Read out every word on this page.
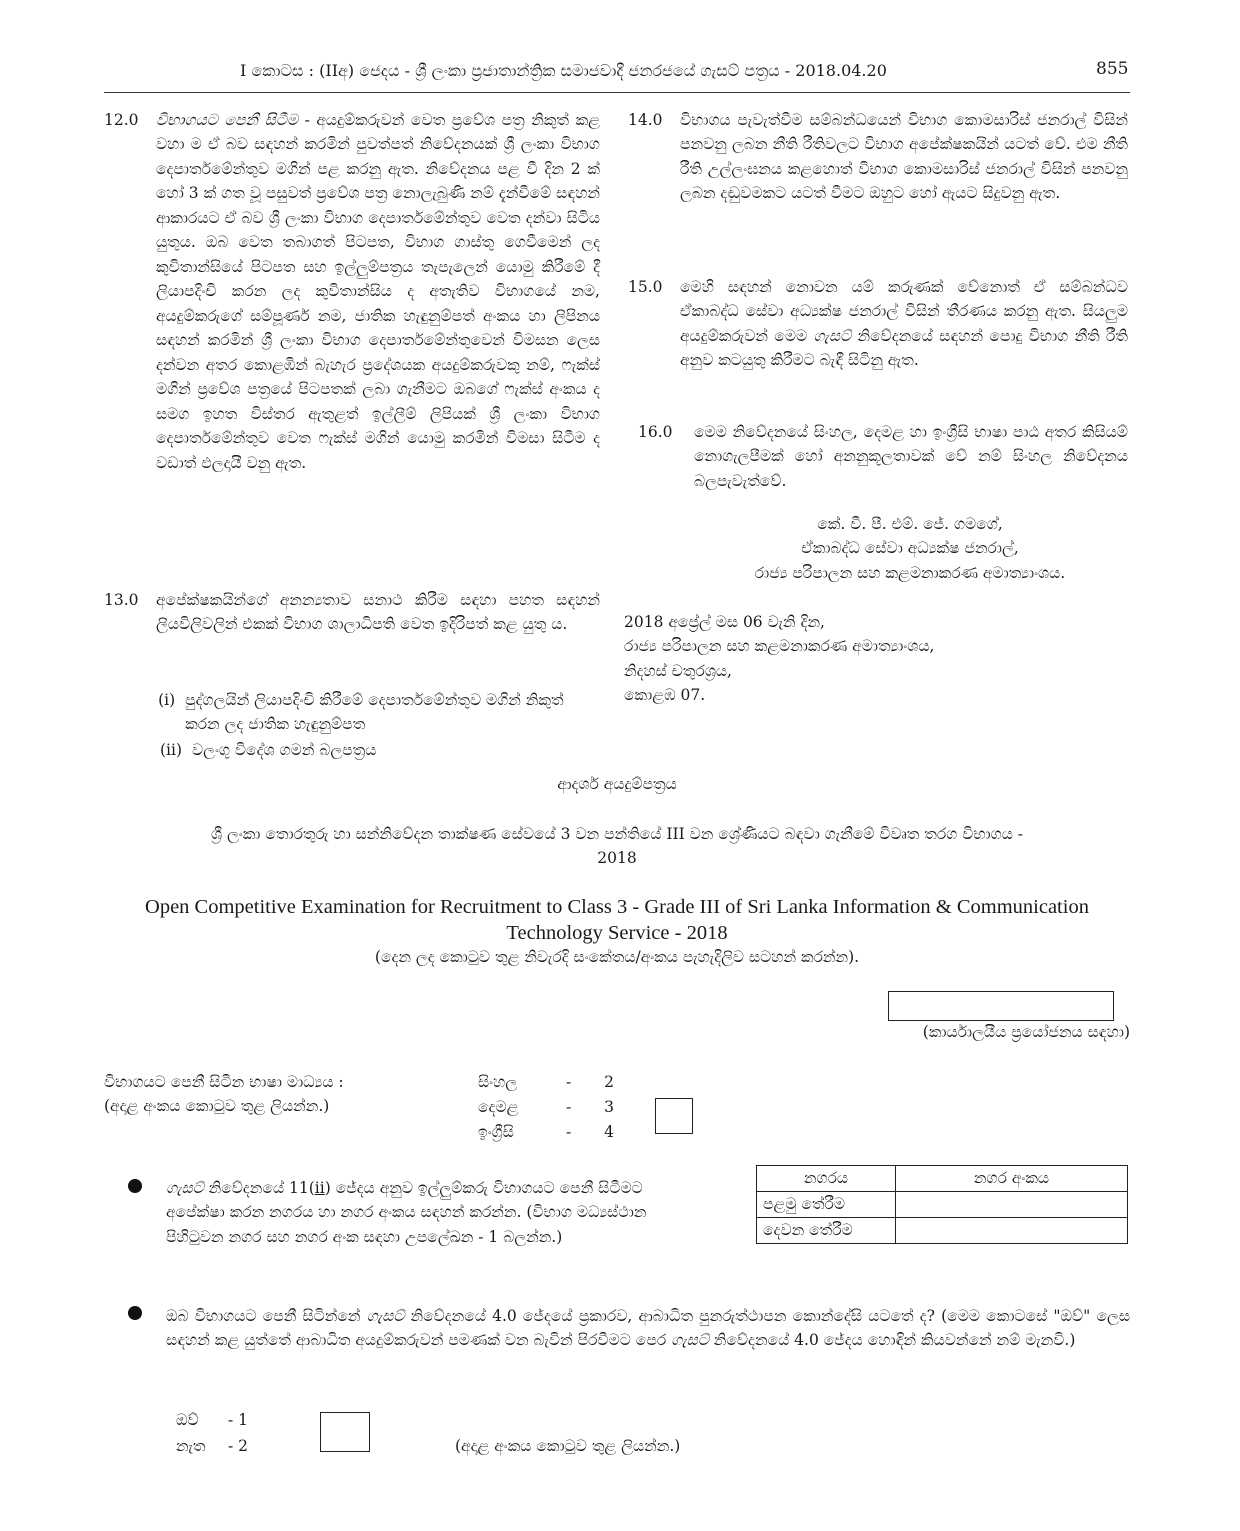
I කොටස : (IIඅ) ජෙදය - ශ්‍රී ලංකා ප්‍රජාතාන්ත්‍රික සමාජවාදී ජනරජයේ ගැසට් පත්‍රය - 2018.04.20	855
12.0	විභාගයට පෙනී සිටීම - අයදුම්කරුවන් වෙත ප්‍රවේශ පත්‍ර නිකුත් කළ වහා ම ඒ බව සඳහන් කරමින් පුවත්පත් නිවේදනයක් ශ්‍රී ලංකා විභාග දෙපාර්තමේන්තුව මගින් පළ කරනු ඇත. නිවේදනය පළ වී දින 2 ක් හෝ 3 ක් ගත වූ පසුවත් ප්‍රවේශ පත්‍ර නොලැබුණි නම් දැන්වීමේ සඳහන් ආකාරයට ඒ බව ශ්‍රී ලංකා විභාග දෙපාර්තමේන්තුව වෙත දන්වා සිටිය යුතුය. ඔබ වෙත තබාගත් පිටපත, විභාග ගාස්තු ගෙවීමෙන් ලද කුවිතාන්සියේ පිටපත සහ ඉල්ලුම්පත්‍රය තැපැලෙන් යොමු කිරීමේ දී ලියාපදිංචි කරන ලද කුවිතාන්සිය ද අතැතිව විභාගයේ නම, අයදුම්කරුගේ සම්පූර්ණ නම, ජාතික හැඳුනුම්පත් අංකය හා ලිපිනය සඳහන් කරමින් ශ්‍රී ලංකා විභාග දෙපාර්තමේන්තුවෙන් විමසන ලෙස දන්වන අතර කොළඹින් බැහැර ප්‍රදේශයක අයදුම්කරුවකු නම්, ෆැක්ස් මගින් ප්‍රවේශ පත්‍රයේ පිටපතක් ලබා ගැනීමට ඔබගේ ෆැක්ස් අංකය ද සමග ඉහත විස්තර ඇතුළත් ඉල්ලීම් ලිපියක් ශ්‍රී ලංකා විභාග දෙපාර්තමේන්තුව වෙත ෆැක්ස් මගින් යොමු කරමින් විමසා සිටීම ද වඩාත් ඵලදායී වනු ඇත.
13.0	අපේක්ෂකයින්ගේ අනන්‍යතාව සනාථ කිරීම සඳහා පහත සඳහන් ලියවිලිවලින් එකක් විභාග ශාලාධිපති වෙත ඉදිරිපත් කළ යුතු ය.
(i) පුද්ගලයින් ලියාපදිංචි කිරීමේ දෙපාර්තමේන්තුව මගින් නිකුත් කරන ලද ජාතික හැඳුනුම්පත
(ii) වලංගු විදේශ ගමන් බලපත්‍රය
14.0	විභාගය පැවැත්වීම සම්බන්ධයෙන් විභාග කොමසාරිස් ජනරාල් විසින් පනවනු ලබන නීති රීතිවලට විභාග අපේක්ෂකයින් යටත් වේ. එම නීති රීති උල්ලංඝනය කළහොත් විභාග කොමසාරිස් ජනරාල් විසින් පනවනු ලබන දඬුවමකට යටත් වීමට ඔහුට හෝ ඇයට සිදුවනු ඇත.
15.0	මෙහි සඳහන් නොවන යම් කරුණක් වේනොත් ඒ සම්බන්ධව ඒකාබද්ධ සේවා අධ්‍යක්ෂ ජනරාල් විසින් තීරණය කරනු ඇත. සියලුම අයදුම්කරුවන් මෙම ගැසට් නිවේදනයේ සඳහන් පොදු විභාග නීති රීති අනුව කටයුතු කිරීමට බැඳී සිටිනු ඇත.
16.0	මෙම නිවේදනයේ සිංහල, දෙමළ හා ඉංග්‍රීසි භාෂා පාඨ අතර කිසියම් නොගැලපීමක් හෝ අනනුකූලතාවක් වේ නම් සිංහල නිවේදනය බලපැවැත්වේ.
කේ. වී. පී. එම්. ජේ. ගමගේ,
ඒකාබද්ධ සේවා අධ්‍යක්ෂ ජනරාල්,
රාජ්‍ය පරිපාලන සහ කළමනාකරණ අමාත්‍යාංශය.
2018 අප්‍රේල් මස 06 වැනි දින,
රාජ්‍ය පරිපාලන සහ කළමනාකරණ අමාත්‍යාංශය,
නිදහස් චතුරශ්‍රය,
කොළඹ 07.
ආදර්ශ අයදුම්පත්‍රය
ශ්‍රී ලංකා තොරතුරු හා සන්නිවේදන තාක්ෂණ සේවයේ 3 වන පන්තියේ III වන ශ්‍රේණියට බඳවා ගැනීමේ විවෘත තරග විභාගය -
2018
Open Competitive Examination for Recruitment to Class 3 - Grade III of Sri Lanka Information & Communication
Technology Service - 2018
(දෙන ලද කොටුව තුළ නිවැරදි සංකේතය/අංකය පැහැදිලිව සටහන් කරන්න).
(කාර්යාලයීය ප්‍රයෝජනය සඳහා)
විභාගයට පෙනී සිටින භාෂා මාධ්‍යය :
(අදාළ අංකය කොටුව තුළ ලියන්න.)
සිංහල	-	2
දෙමළ	-	3
ඉංග්‍රීසි	-	4
ගැසට් නිවේදනයේ 11(ii) ජේදය අනුව ඉල්ලුම්කරු විභාගයට පෙනී සිටීමට අපේක්ෂා කරන නගරය හා නගර අංකය සඳහන් කරන්න. (විභාග මධ්‍යස්ථාන පිහිටුවන නගර සහ නගර අංක සඳහා උපලේඛන - 1 බලන්න.)
නගරය	නගර අංකය
පළමු තේරීම	
දෙවන තේරීම	
ඔබ විභාගයට පෙනී සිටින්නේ ගැසට් නිවේදනයේ 4.0 ජේදයේ ප්‍රකාරව, ආබාධිත පුනරුත්ථාපන කොන්දේසි යටතේ ද? (මෙම කොටසේ "ඔව්" ලෙස සඳහන් කළ යුත්තේ ආබාධිත අයදුම්කරුවන් පමණක් වන බැවින් පිරවීමට පෙර ගැසට් නිවේදනයේ 4.0 ජේදය හොඳින් කියවන්නේ නම් මැනවි.)
ඔව්	- 1
නැත	- 2	(අදාළ අංකය කොටුව තුළ ලියන්න.)
